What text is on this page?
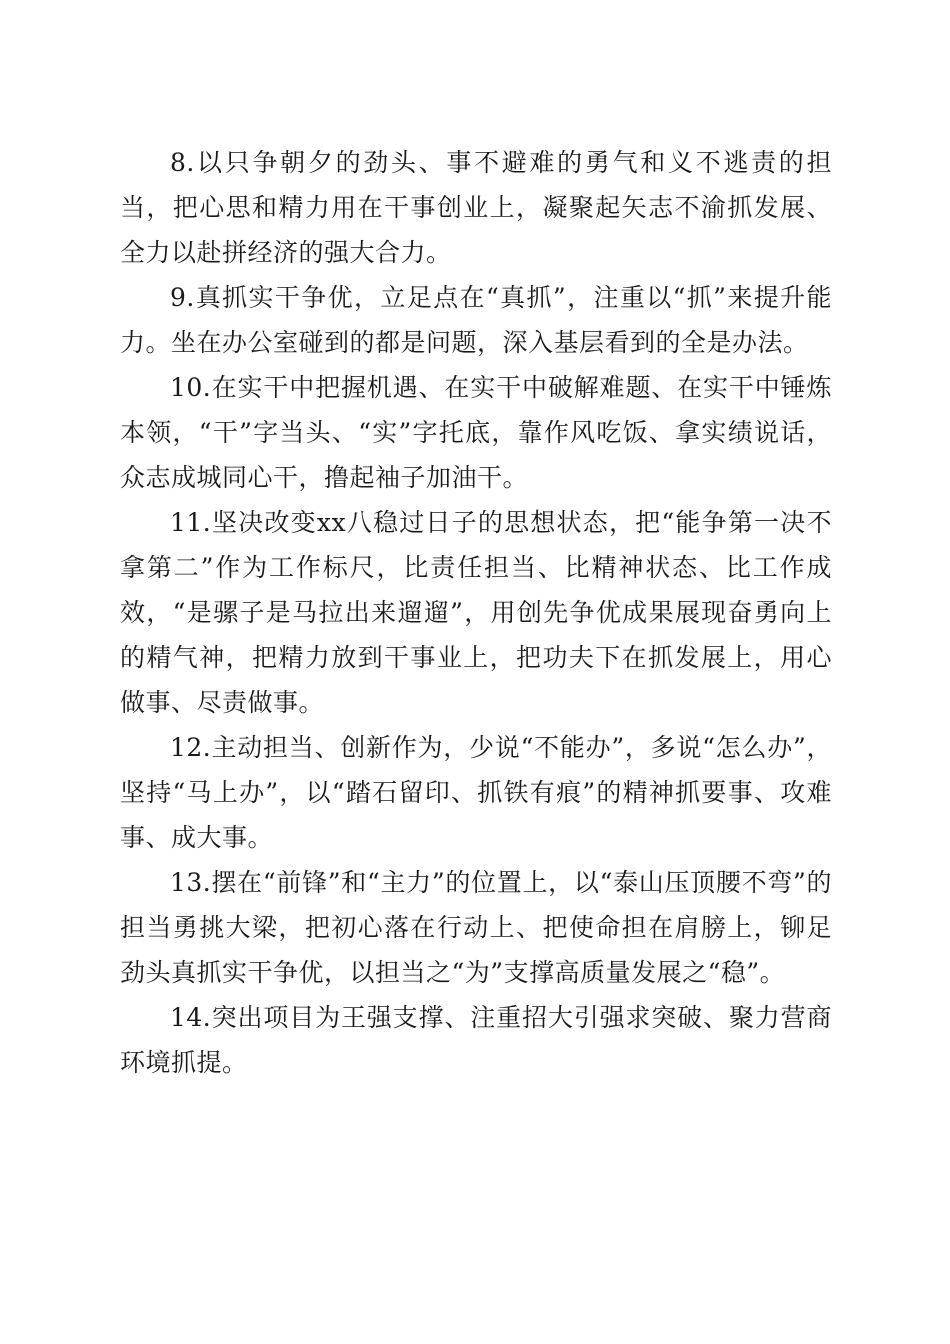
8.以只争朝夕的劲头、事不避难的勇气和义不逃责的担当，把心思和精力用在干事创业上，凝聚起矢志不渝抓发展、全力以赴拼经济的强大合力。

9.真抓实干争优，立足点在“真抓”，注重以“抓”来提升能力。坐在办公室碰到的都是问题，深入基层看到的全是办法。

10.在实干中把握机遇、在实干中破解难题、在实干中锤炼本领，“干”字当头、“实”字托底，靠作风吃饭、拿实绩说话，众志成城同心干，撸起袖子加油干。

11.坚决改变xx八稳过日子的思想状态，把“能争第一决不拿第二”作为工作标尺，比责任担当、比精神状态、比工作成效，“是骡子是马拉出来遛遛”，用创先争优成果展现奋勇向上的精气神，把精力放到干事业上，把功夫下在抓发展上，用心做事、尽责做事。

12.主动担当、创新作为，少说“不能办”，多说“怎么办”，坚持“马上办”，以“踏石留印、抓铁有痕”的精神抓要事、攻难事、成大事。

13.摆在“前锋”和“主力”的位置上，以“泰山压顶腰不弯”的担当勇挑大梁，把初心落在行动上、把使命担在肩膀上，铆足劲头真抓实干争优，以担当之“为”支撑高质量发展之“稳”。

14.突出项目为王强支撑、注重招大引强求突破、聚力营商环境抓提。
